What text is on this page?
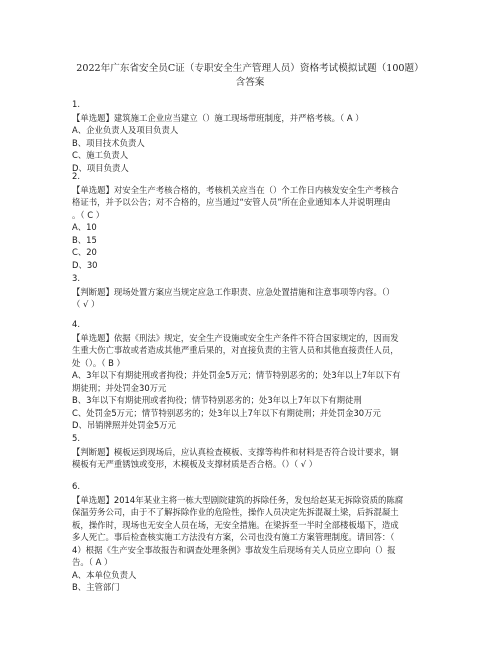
2022年广东省安全员C证（专职安全生产管理人员）资格考试模拟试题（100题）
含答案
1.
【单选题】建筑施工企业应当建立（）施工现场带班制度，并严格考核。（ A ）
A、企业负责人及项目负责人
B、项目技术负责人
C、施工负责人
D、项目负责人
2.
【单选题】对安全生产考核合格的，考核机关应当在（）个工作日内核发安全生产考核合
格证书，并予以公告；对不合格的，应当通过“安管人员”所在企业通知本人并说明理由
。（ C ）
A、10
B、15
C、20
D、30
3.
【判断题】现场处置方案应当规定应急工作职责、应急处置措施和注意事项等内容。（）
（ √ ）
4.
【单选题】依据《刑法》规定，安全生产设施或安全生产条件不符合国家规定的，因而发
生重大伤亡事故或者造成其他严重后果的，对直接负责的主管人员和其他直接责任人员，
处（）。（ B ）
A、3年以下有期徒刑或者拘役；并处罚金5万元；情节特别恶劣的；处3年以上7年以下有
期徒刑；并处罚金30万元
B、3年以下有期徒刑或者拘役；情节特别恶劣的；处3年以上7年以下有期徒刑
C、处罚金5万元；情节特别恶劣的；处3年以上7年以下有期徒刑；并处罚金30万元
D、吊销牌照并处罚金5万元
5.
【判断题】模板运到现场后，应认真检查模板、支撑等构件和材料是否符合设计要求，钢
模板有无严重锈蚀或变形，木模板及支撑材质是否合格。（）（ √ ）
6.
【单选题】2014年某业主将一栋大型剧院建筑的拆除任务，发包给赵某无拆除资质的陈腐
保温劳务公司，由于不了解拆除作业的危险性，操作人员决定先拆混凝土梁，后拆混凝土
板，操作时，现场也无安全人员在场，无安全措施。在梁拆至一半时全部楼板塌下，造成
多人死亡。事后检查核实施工方法没有方案，公司也没有施工方案管理制度。请回答：（
4）根据《生产安全事故报告和调查处理条例》事故发生后现场有关人员应立即向（）报
告。（ A ）
A、本单位负责人
B、主管部门
